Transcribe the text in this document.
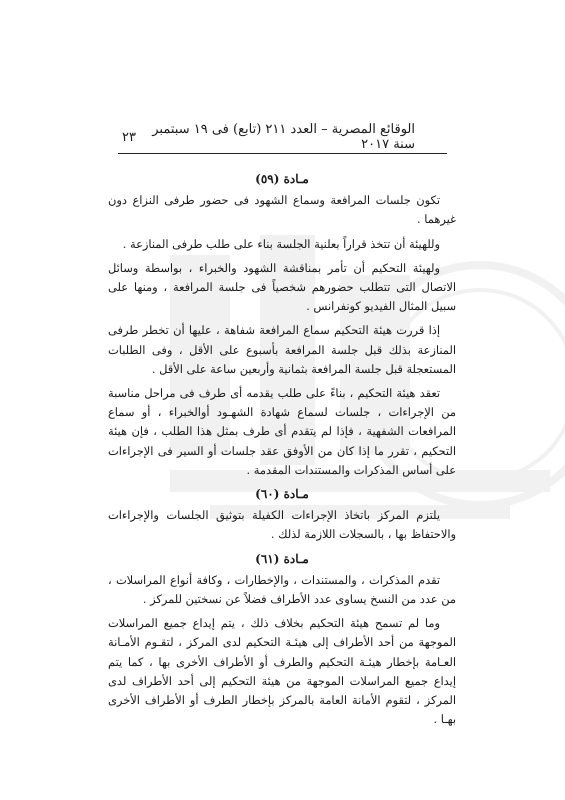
الوقائع المصرية – العدد ٢١١ (تابع) فى ١٩ سبتمبر سنة ٢٠١٧
٢٣
مـادة (٥٩)

تكون جلسات المرافعة وسماع الشهود فى حضور طرفى النزاع دون غيرهما .

وللهيئة أن تتخذ قراراً بعلنية الجلسة بناء على طلب طرفى المنازعة .

ولهيئة التحكيم أن تأمر بمناقشة الشهود والخبراء ، بواسطة وسائل الاتصال التى تتطلب حضورهم شخصياً فى جلسة المرافعة ، ومنها على سبيل المثال الفيديو كونفرانس .

إذا قررت هيئة التحكيم سماع المرافعة شفاهة ، عليها أن تخطر طرفى المنازعة بذلك قبل جلسة المرافعة بأسبوع على الأقل ، وفى الطلبات المستعجلة قبل جلسة المرافعة بثمانية وأربعين ساعة على الأقل .

تعقد هيئة التحكيم ، بناءً على طلب يقدمه أى طرف فى مراحل مناسبة من الإجراءات ، جلسات لسماع شهادة الشهـود أوالخبراء ، أو سماع المرافعات الشفهية ، فإذا لم يتقدم أى طرف بمثل هذا الطلب ، فإن هيئة التحكيم ، تقرر ما إذا كان من الأوفق عقد جلسات أو السير فى الإجراءات على أساس المذكرات والمستندات المقدمة .

مـادة (٦٠)

يلتزم المركز باتخاذ الإجراءات الكفيلة بتوثيق الجلسات والإجراءات والاحتفاظ بها ، بالسجلات اللازمة لذلك .

مـادة (٦١)

تقدم المذكرات ، والمستندات ، والإخطارات ، وكافة أنواع المراسلات ، من عدد من النسخ يساوى عدد الأطراف فضلاً عن نسختين للمركز .

وما لم تسمح هيئة التحكيم بخلاف ذلك ، يتم إيداع جميع المراسلات الموجهة من أحد الأطراف إلى هيئـة التحكيم لدى المركز ، لتقـوم الأمـانة العـامة بإخطار هيئـة التحكيم والطرف أو الأطراف الأخرى بها ، كما يتم إيداع جميع المراسلات الموجهة من هيئة التحكيم إلى أحد الأطراف لدى المركز ، لتقوم الأمانة العامة بالمركز بإخطار الطرف أو الأطراف الأخرى بهـا .
